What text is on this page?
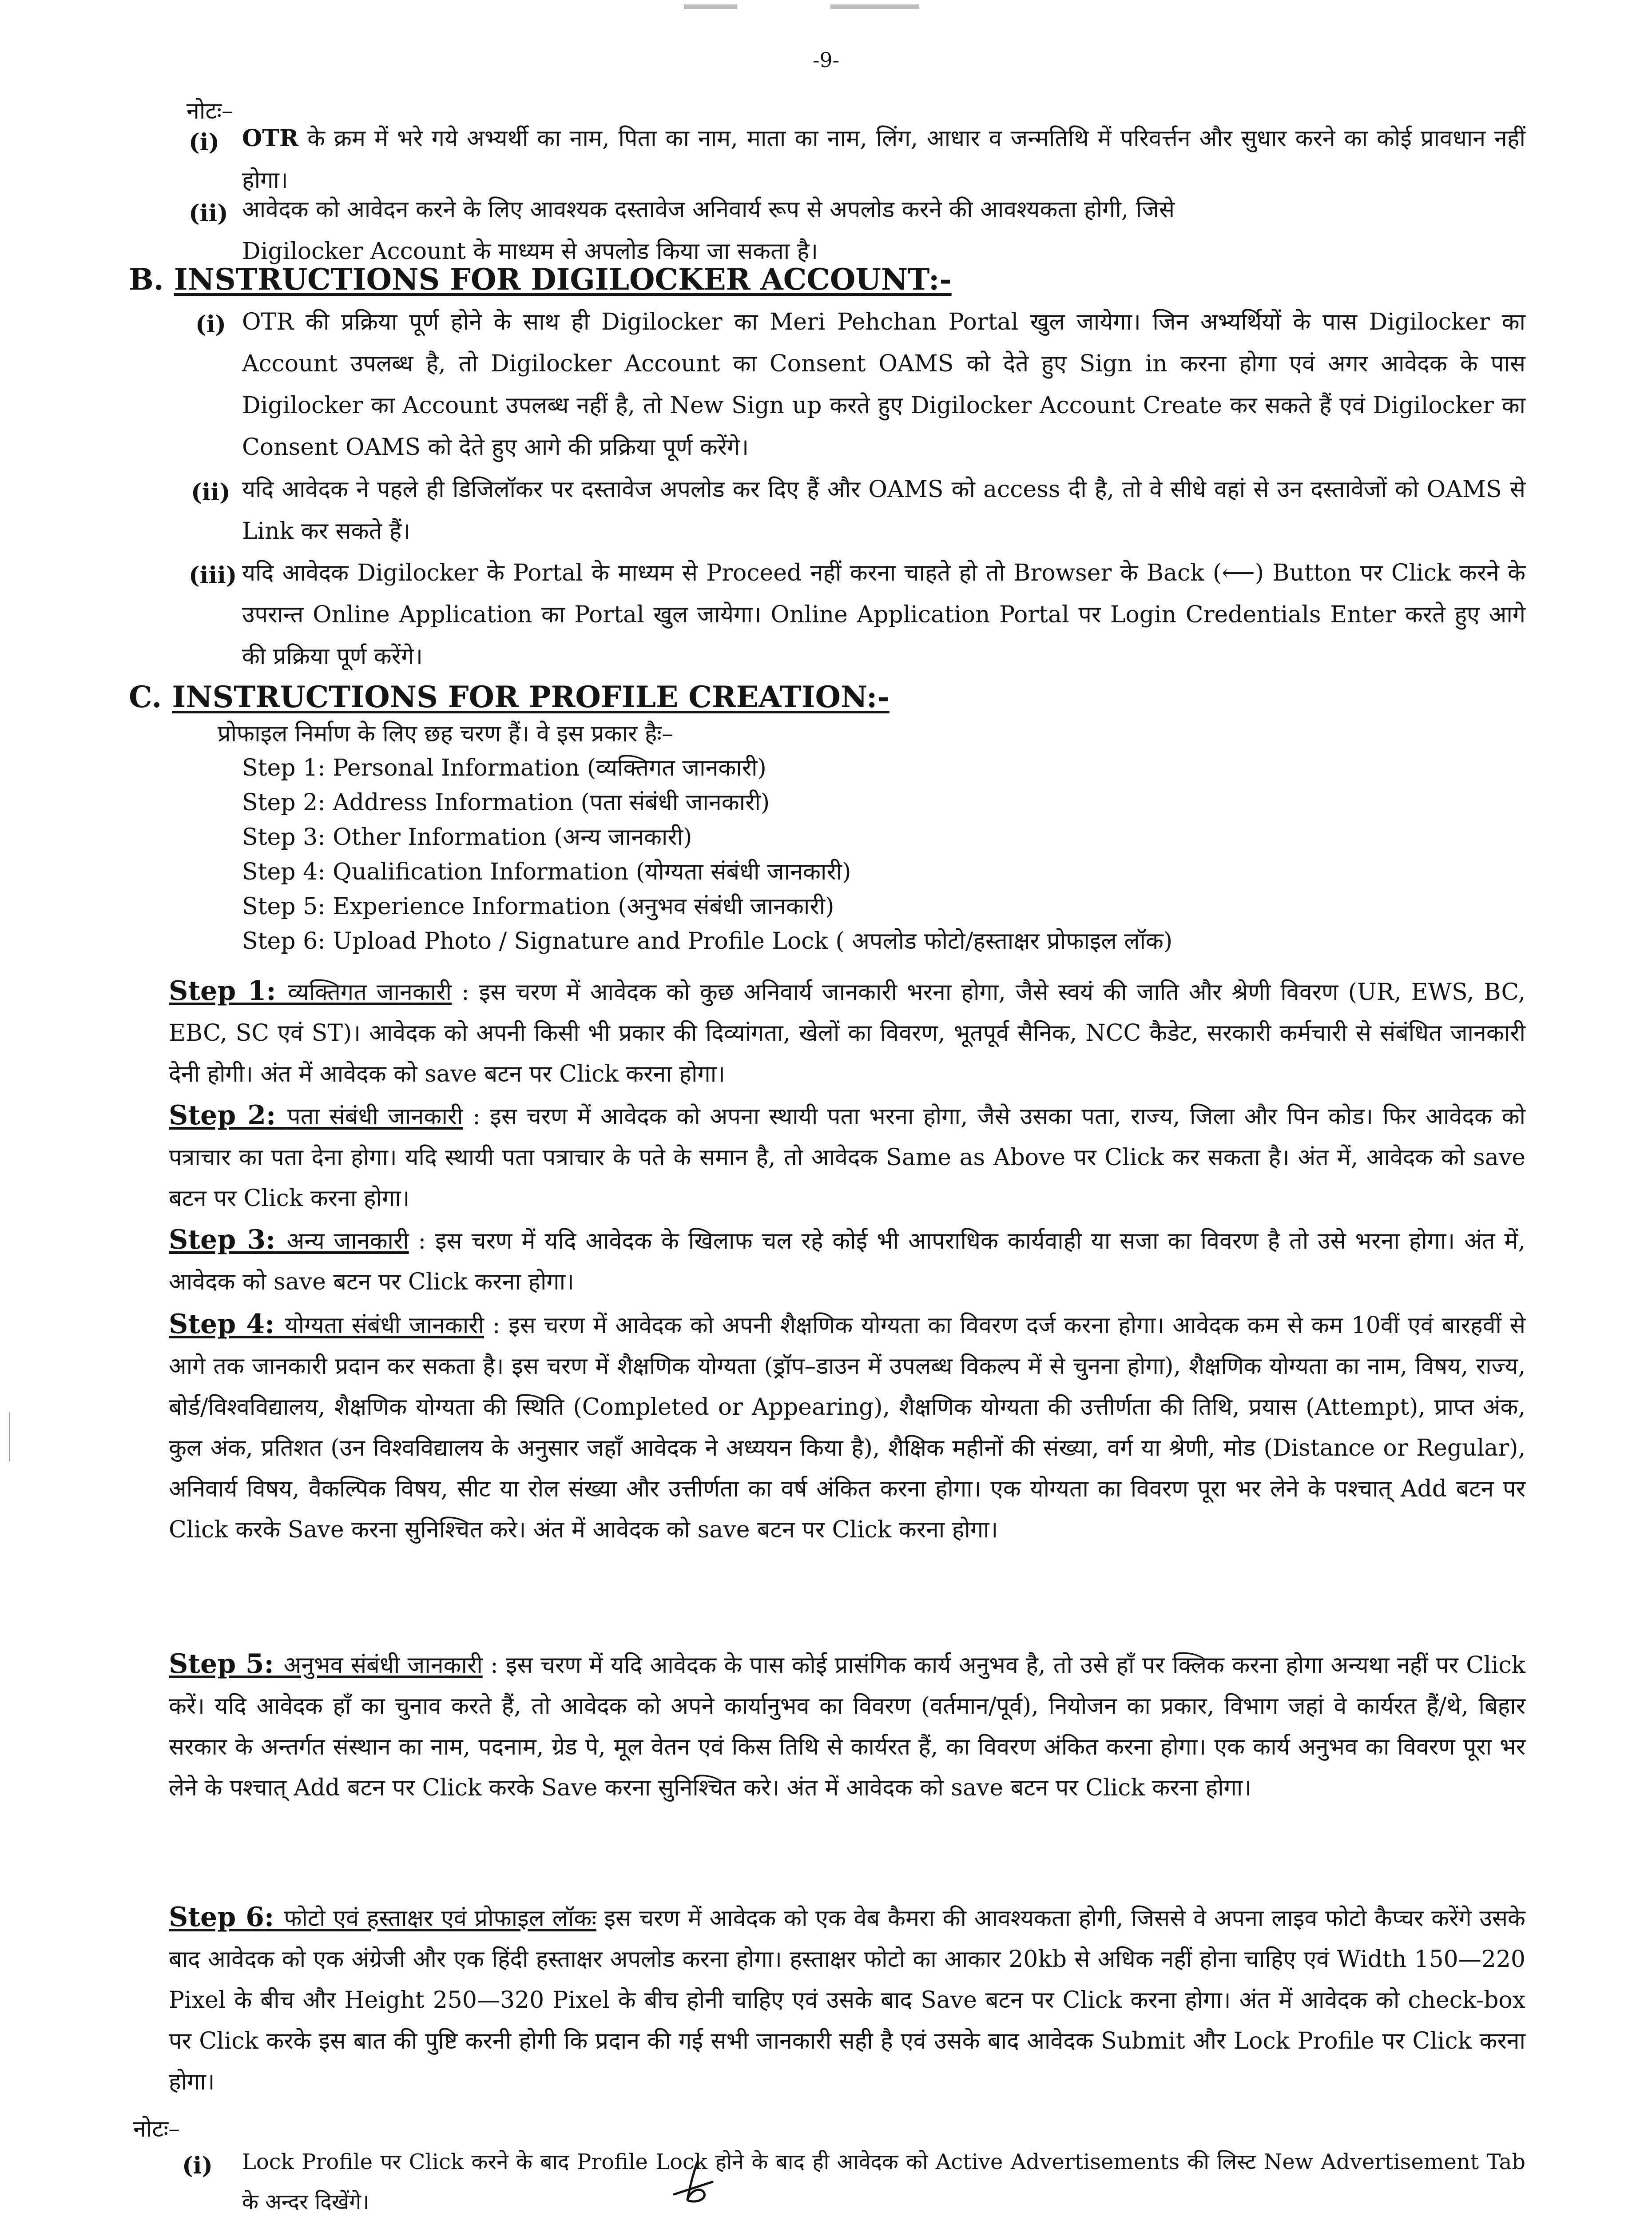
-9-
नोटः–
(i) OTR के क्रम में भरे गये अभ्यर्थी का नाम, पिता का नाम, माता का नाम, लिंग, आधार व जन्मतिथि में परिवर्त्तन और सुधार करने का कोई प्रावधान नहीं होगा।
(ii) आवेदक को आवेदन करने के लिए आवश्यक दस्तावेज अनिवार्य रूप से अपलोड करने की आवश्यकता होगी, जिसे
Digilocker Account के माध्यम से अपलोड किया जा सकता है।
B. INSTRUCTIONS FOR DIGILOCKER ACCOUNT:-
(i) OTR की प्रक्रिया पूर्ण होने के साथ ही Digilocker का Meri Pehchan Portal खुल जायेगा। जिन अभ्यर्थियों के पास Digilocker का Account उपलब्ध है, तो Digilocker Account का Consent OAMS को देते हुए Sign in करना होगा एवं अगर आवेदक के पास Digilocker का Account उपलब्ध नहीं है, तो New Sign up करते हुए Digilocker Account Create कर सकते हैं एवं Digilocker का Consent OAMS को देते हुए आगे की प्रक्रिया पूर्ण करेंगे।
(ii) यदि आवेदक ने पहले ही डिजिलॉकर पर दस्तावेज अपलोड कर दिए हैं और OAMS को access दी है, तो वे सीधे वहां से उन दस्तावेजों को OAMS से Link कर सकते हैं।
(iii) यदि आवेदक Digilocker के Portal के माध्यम से Proceed नहीं करना चाहते हो तो Browser के Back (⟵) Button पर Click करने के उपरान्त Online Application का Portal खुल जायेगा। Online Application Portal पर Login Credentials Enter करते हुए आगे की प्रक्रिया पूर्ण करेंगे।
C. INSTRUCTIONS FOR PROFILE CREATION:-
प्रोफाइल निर्माण के लिए छह चरण हैं। वे इस प्रकार हैः–
Step 1: Personal Information (व्यक्तिगत जानकारी)
Step 2: Address Information (पता संबंधी जानकारी)
Step 3: Other Information (अन्य जानकारी)
Step 4: Qualification Information (योग्यता संबंधी जानकारी)
Step 5: Experience Information (अनुभव संबंधी जानकारी)
Step 6: Upload Photo / Signature and Profile Lock ( अपलोड फोटो/हस्ताक्षर प्रोफाइल लॉक)
Step 1: व्यक्तिगत जानकारी : इस चरण में आवेदक को कुछ अनिवार्य जानकारी भरना होगा, जैसे स्वयं की जाति और श्रेणी विवरण (UR, EWS, BC, EBC, SC एवं ST)। आवेदक को अपनी किसी भी प्रकार की दिव्यांगता, खेलों का विवरण, भूतपूर्व सैनिक, NCC कैडेट, सरकारी कर्मचारी से संबंधित जानकारी देनी होगी। अंत में आवेदक को save बटन पर Click करना होगा।
Step 2: पता संबंधी जानकारी : इस चरण में आवेदक को अपना स्थायी पता भरना होगा, जैसे उसका पता, राज्य, जिला और पिन कोड। फिर आवेदक को पत्राचार का पता देना होगा। यदि स्थायी पता पत्राचार के पते के समान है, तो आवेदक Same as Above पर Click कर सकता है। अंत में, आवेदक को save बटन पर Click करना होगा।
Step 3: अन्य जानकारी : इस चरण में यदि आवेदक के खिलाफ चल रहे कोई भी आपराधिक कार्यवाही या सजा का विवरण है तो उसे भरना होगा। अंत में, आवेदक को save बटन पर Click करना होगा।
Step 4: योग्यता संबंधी जानकारी : इस चरण में आवेदक को अपनी शैक्षणिक योग्यता का विवरण दर्ज करना होगा। आवेदक कम से कम 10वीं एवं बारहवीं से आगे तक जानकारी प्रदान कर सकता है। इस चरण में शैक्षणिक योग्यता (ड्रॉप–डाउन में उपलब्ध विकल्प में से चुनना होगा), शैक्षणिक योग्यता का नाम, विषय, राज्य, बोर्ड/विश्वविद्यालय, शैक्षणिक योग्यता की स्थिति (Completed or Appearing), शैक्षणिक योग्यता की उत्तीर्णता की तिथि, प्रयास (Attempt), प्राप्त अंक, कुल अंक, प्रतिशत (उन विश्वविद्यालय के अनुसार जहाँ आवेदक ने अध्ययन किया है), शैक्षिक महीनों की संख्या, वर्ग या श्रेणी, मोड (Distance or Regular), अनिवार्य विषय, वैकल्पिक विषय, सीट या रोल संख्या और उत्तीर्णता का वर्ष अंकित करना होगा। एक योग्यता का विवरण पूरा भर लेने के पश्चात् Add बटन पर Click करके Save करना सुनिश्चित करे। अंत में आवेदक को save बटन पर Click करना होगा।
Step 5: अनुभव संबंधी जानकारी : इस चरण में यदि आवेदक के पास कोई प्रासंगिक कार्य अनुभव है, तो उसे हाँ पर क्लिक करना होगा अन्यथा नहीं पर Click करें। यदि आवेदक हाँ का चुनाव करते हैं, तो आवेदक को अपने कार्यानुभव का विवरण (वर्तमान/पूर्व), नियोजन का प्रकार, विभाग जहां वे कार्यरत हैं/थे, बिहार सरकार के अन्तर्गत संस्थान का नाम, पदनाम, ग्रेड पे, मूल वेतन एवं किस तिथि से कार्यरत हैं, का विवरण अंकित करना होगा। एक कार्य अनुभव का विवरण पूरा भर लेने के पश्चात् Add बटन पर Click करके Save करना सुनिश्चित करे। अंत में आवेदक को save बटन पर Click करना होगा।
Step 6: फोटो एवं हस्ताक्षर एवं प्रोफाइल लॉकः इस चरण में आवेदक को एक वेब कैमरा की आवश्यकता होगी, जिससे वे अपना लाइव फोटो कैप्चर करेंगे उसके बाद आवेदक को एक अंग्रेजी और एक हिंदी हस्ताक्षर अपलोड करना होगा। हस्ताक्षर फोटो का आकार 20kb से अधिक नहीं होना चाहिए एवं Width 150—220 Pixel के बीच और Height 250—320 Pixel के बीच होनी चाहिए एवं उसके बाद Save बटन पर Click करना होगा। अंत में आवेदक को check-box पर Click करके इस बात की पुष्टि करनी होगी कि प्रदान की गई सभी जानकारी सही है एवं उसके बाद आवेदक Submit और Lock Profile पर Click करना होगा।
नोटः–
(i) Lock Profile पर Click करने के बाद Profile Lock होने के बाद ही आवेदक को Active Advertisements की लिस्ट New Advertisement Tab के अन्दर दिखेंगे।
